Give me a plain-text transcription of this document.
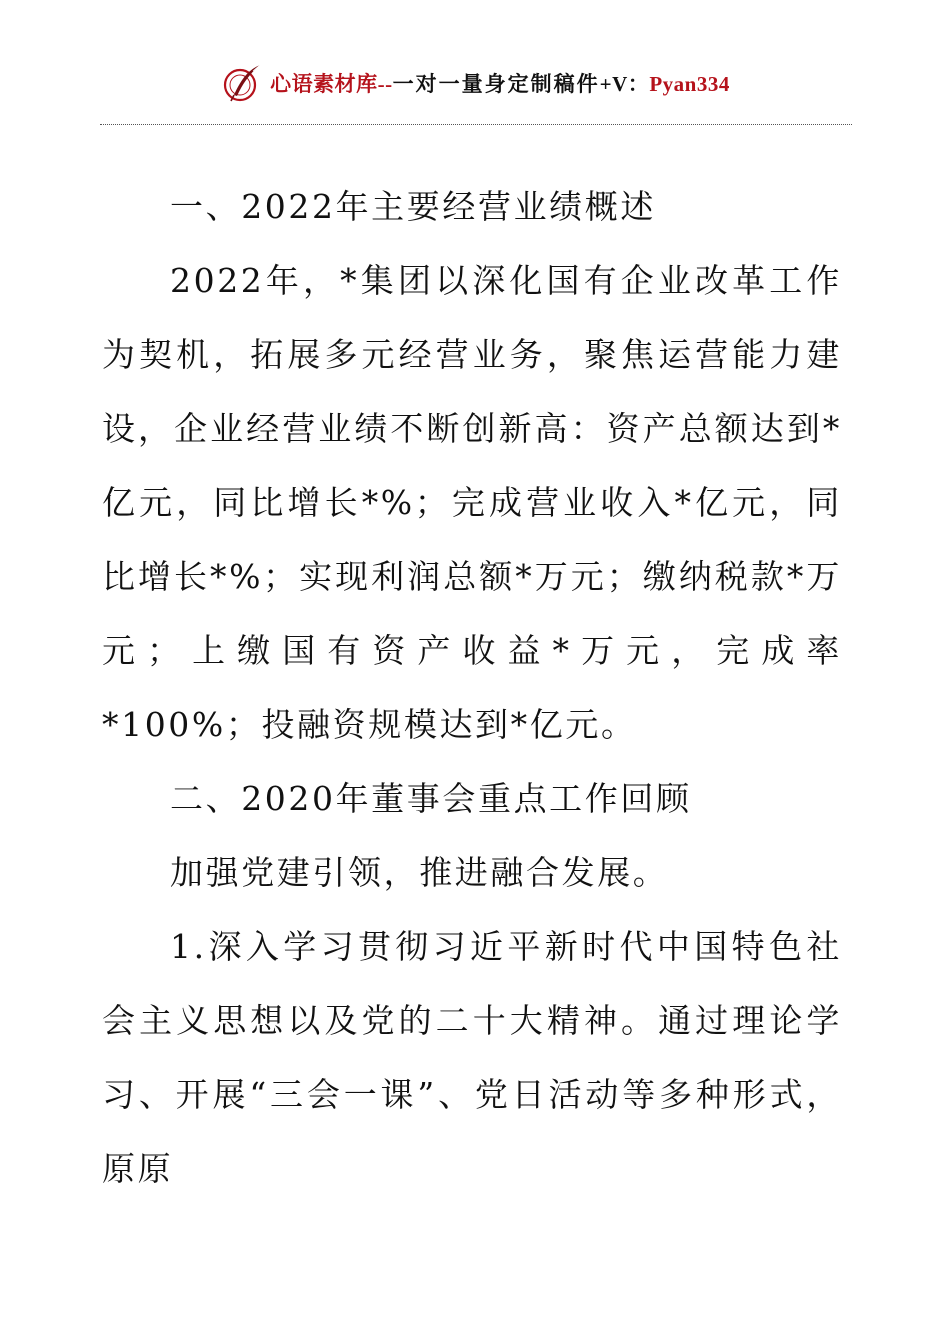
心语素材库--一对一量身定制稿件+V：Pyan334

一、2022年主要经营业绩概述

2022年，*集团以深化国有企业改革工作为契机，拓展多元经营业务，聚焦运营能力建设，企业经营业绩不断创新高：资产总额达到*亿元，同比增长*%；完成营业收入*亿元，同比增长*%；实现利润总额*万元；缴纳税款*万元；上缴国有资产收益*万元，完成率*100%；投融资规模达到*亿元。

二、2020年董事会重点工作回顾

加强党建引领，推进融合发展。

1.深入学习贯彻习近平新时代中国特色社会主义思想以及党的二十大精神。通过理论学习、开展“三会一课”、党日活动等多种形式，原原
